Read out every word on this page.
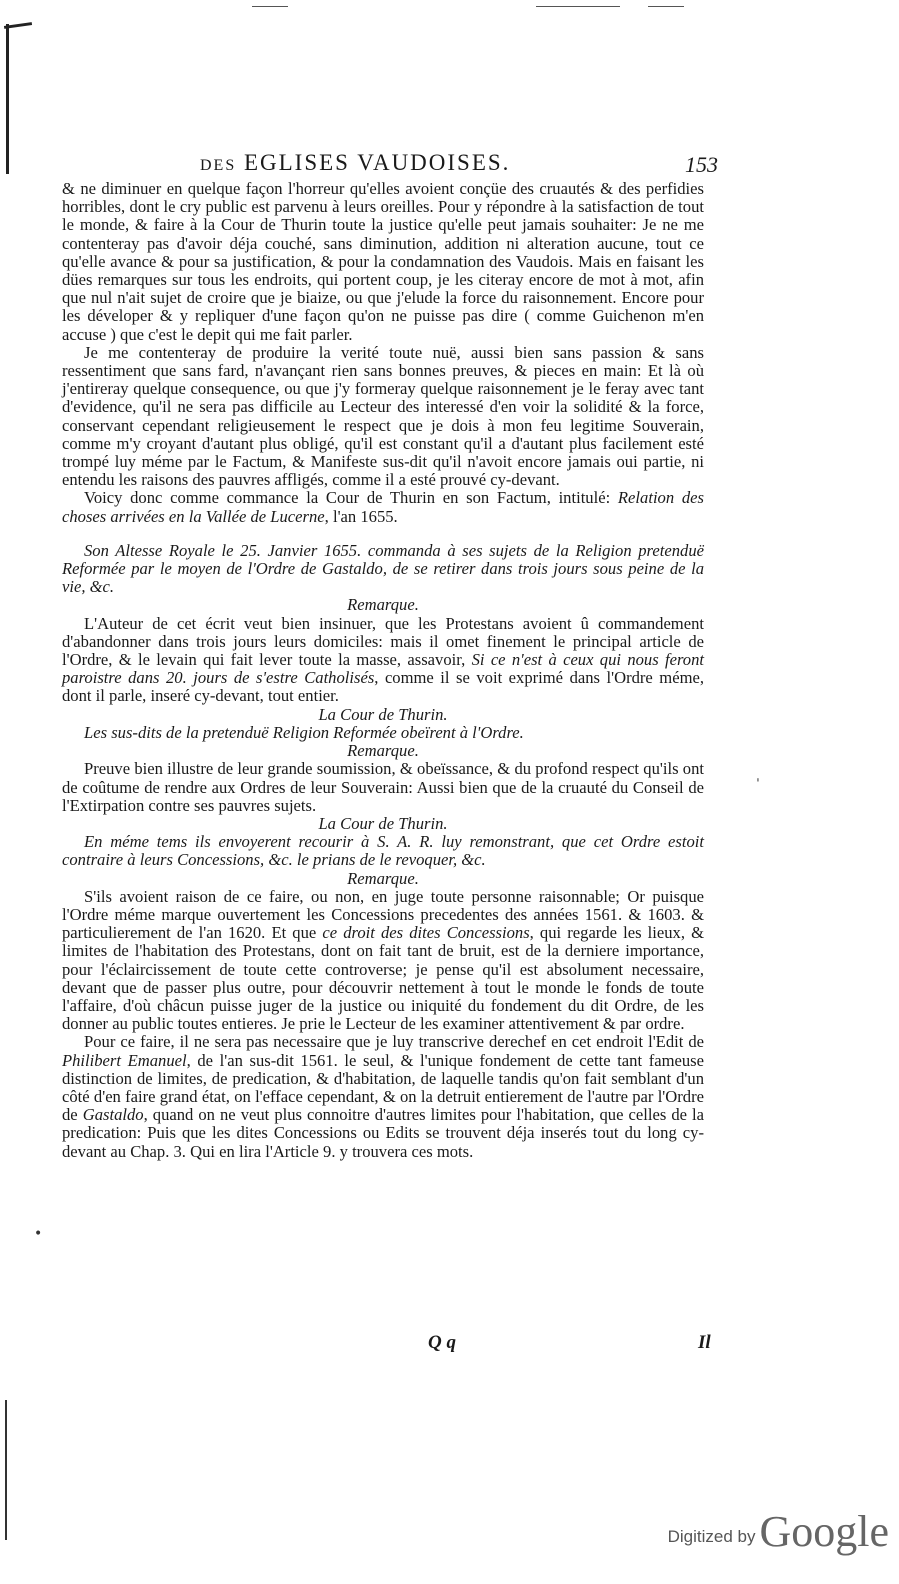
des EGLISES VAUDOISES.	153

& ne diminuer en quelque façon l'horreur qu'elles avoient conçüe des cruautés & des perfidies horribles, dont le cry public est parvenu à leurs oreilles. Pour y répondre à la satisfaction de tout le monde, & faire à la Cour de Thurin toute la justice qu'elle peut jamais souhaiter: Je ne me contenteray pas d'avoir déja couché, sans diminution, addition ni alteration aucune, tout ce qu'elle avance & pour sa justification, & pour la condamnation des Vaudois. Mais en faisant les dües remarques sur tous les endroits, qui portent coup, je les citeray encore de mot à mot, afin que nul n'ait sujet de croire que je biaize, ou que j'elude la force du raisonnement. Encore pour les déveloper & y repliquer d'une façon qu'on ne puisse pas dire ( comme Guichenon m'en accuse ) que c'est le depit qui me fait parler.

Je me contenteray de produire la verité toute nuë, aussi bien sans passion & sans ressentiment que sans fard, n'avançant rien sans bonnes preuves, & pieces en main: Et là où j'entireray quelque consequence, ou que j'y formeray quelque raisonnement je le feray avec tant d'evidence, qu'il ne sera pas difficile au Lecteur des interessé d'en voir la solidité & la force, conservant cependant religieusement le respect que je dois à mon feu legitime Souverain, comme m'y croyant d'autant plus obligé, qu'il est constant qu'il a d'autant plus facilement esté trompé luy méme par le Factum, & Manifeste sus-dit qu'il n'avoit encore jamais oui partie, ni entendu les raisons des pauvres affligés, comme il a esté prouvé cy-devant.

Voicy donc comme commance la Cour de Thurin en son Factum, intitulé: Relation des choses arrivées en la Vallée de Lucerne, l'an 1655.

Son Altesse Royale le 25. Janvier 1655. commanda à ses sujets de la Religion pretenduë Reformée par le moyen de l'Ordre de Gastaldo, de se retirer dans trois jours sous peine de la vie, &c.

Remarque.

L'Auteur de cet écrit veut bien insinuer, que les Protestans avoient û commandement d'abandonner dans trois jours leurs domiciles: mais il omet finement le principal article de l'Ordre, & le levain qui fait lever toute la masse, assavoir, Si ce n'est à ceux qui nous feront paroistre dans 20. jours de s'estre Catholisés, comme il se voit exprimé dans l'Ordre méme, dont il parle, inseré cy-devant, tout entier.

La Cour de Thurin.

Les sus-dits de la pretenduë Religion Reformée obeïrent à l'Ordre.

Remarque.

Preuve bien illustre de leur grande soumission, & obeïssance, & du profond respect qu'ils ont de coûtume de rendre aux Ordres de leur Souverain: Aussi bien que de la cruauté du Conseil de l'Extirpation contre ses pauvres sujets.

La Cour de Thurin.

En méme tems ils envoyerent recourir à S. A. R. luy remonstrant, que cet Ordre estoit contraire à leurs Concessions, &c. le prians de le revoquer, &c.

Remarque.

S'ils avoient raison de ce faire, ou non, en juge toute personne raisonnable; Or puisque l'Ordre méme marque ouvertement les Concessions precedentes des années 1561. & 1603. & particulierement de l'an 1620. Et que ce droit des dites Concessions, qui regarde les lieux, & limites de l'habitation des Protestans, dont on fait tant de bruit, est de la derniere importance, pour l'éclaircissement de toute cette controverse; je pense qu'il est absolument necessaire, devant que de passer plus outre, pour découvrir nettement à tout le monde le fonds de toute l'affaire, d'où châcun puisse juger de la justice ou iniquité du fondement du dit Ordre, de les donner au public toutes entieres. Je prie le Lecteur de les examiner attentivement & par ordre.

Pour ce faire, il ne sera pas necessaire que je luy transcrive derechef en cet endroit l'Edit de Philibert Emanuel, de l'an sus-dit 1561. le seul, & l'unique fondement de cette tant fameuse distinction de limites, de predication, & d'habitation, de laquelle tandis qu'on fait semblant d'un côté d'en faire grand état, on l'efface cependant, & on la detruit entierement de l'autre par l'Ordre de Gastaldo, quand on ne veut plus connoitre d'autres limites pour l'habitation, que celles de la predication: Puis que les dites Concessions ou Edits se trouvent déja inserés tout du long cy-devant au Chap. 3. Qui en lira l'Article 9. y trouvera ces mots.

•
ˌ
Q q	Il
Digitized by Google
